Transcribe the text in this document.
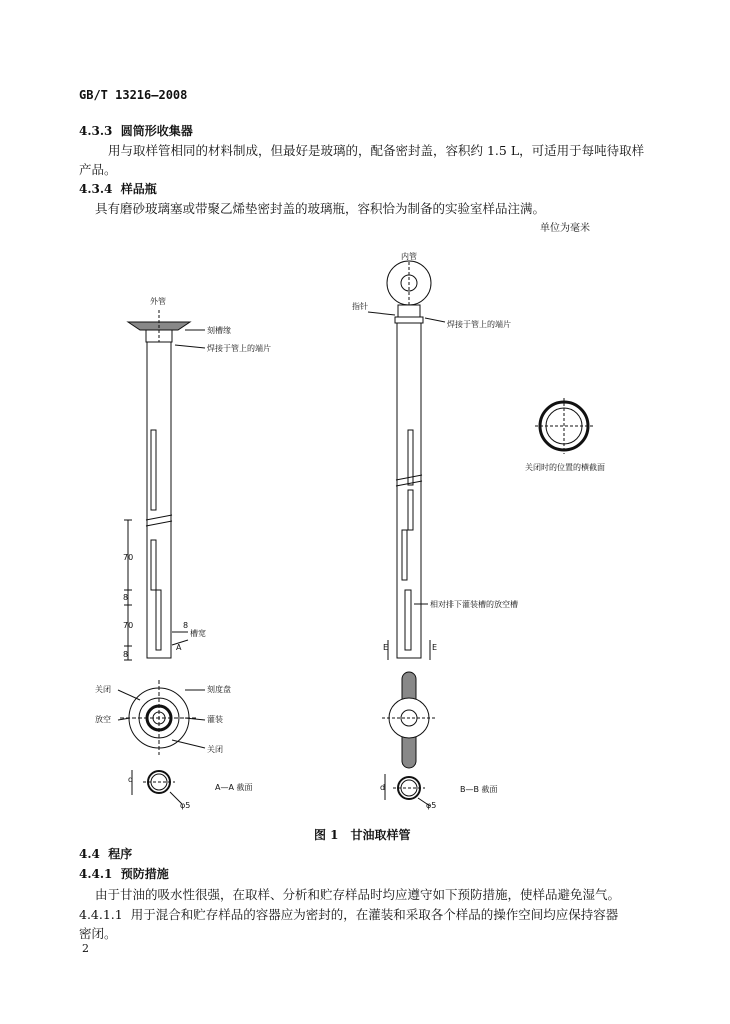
GB/T 13216—2008
4.3.3 圆筒形收集器
用与取样管相同的材料制成，但最好是玻璃的，配备密封盖，容积约 1.5 L，可适用于每吨待取样
产品。
4.3.4 样品瓶
具有磨砂玻璃塞或带聚乙烯垫密封盖的玻璃瓶，容积恰为制备的实验室样品注满。
单位为毫米
外管
刻槽缘
焊接于管上的端片
70
8
70
8
8
槽宽
A
关闭	刻度盘
放空	灌装
关闭
d
A—A 截面
φ5
内管
指针
焊接于管上的端片
关闭时的位置的横截面
相对排下灌装槽的放空槽
E	E
d	B—B 截面
φ5
图 1　甘油取样管
4.4 程序
4.4.1 预防措施
由于甘油的吸水性很强，在取样、分析和贮存样品时均应遵守如下预防措施，使样品避免湿气。
4.4.1.1 用于混合和贮存样品的容器应为密封的，在灌装和采取各个样品的操作空间均应保持容器
密闭。
2
